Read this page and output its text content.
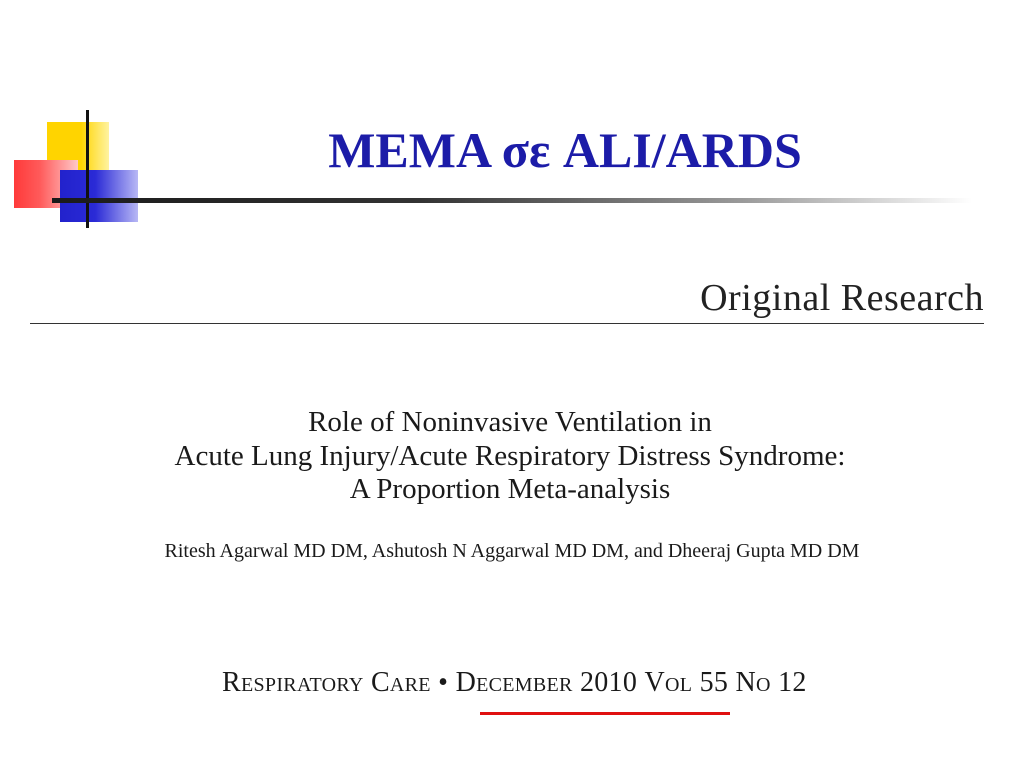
ΜΕΜΑ σε ALI/ARDS
Original Research
Role of Noninvasive Ventilation in
Acute Lung Injury/Acute Respiratory Distress Syndrome:
A Proportion Meta-analysis
Ritesh Agarwal MD DM, Ashutosh N Aggarwal MD DM, and Dheeraj Gupta MD DM
Respiratory Care • December 2010 Vol 55 No 12
